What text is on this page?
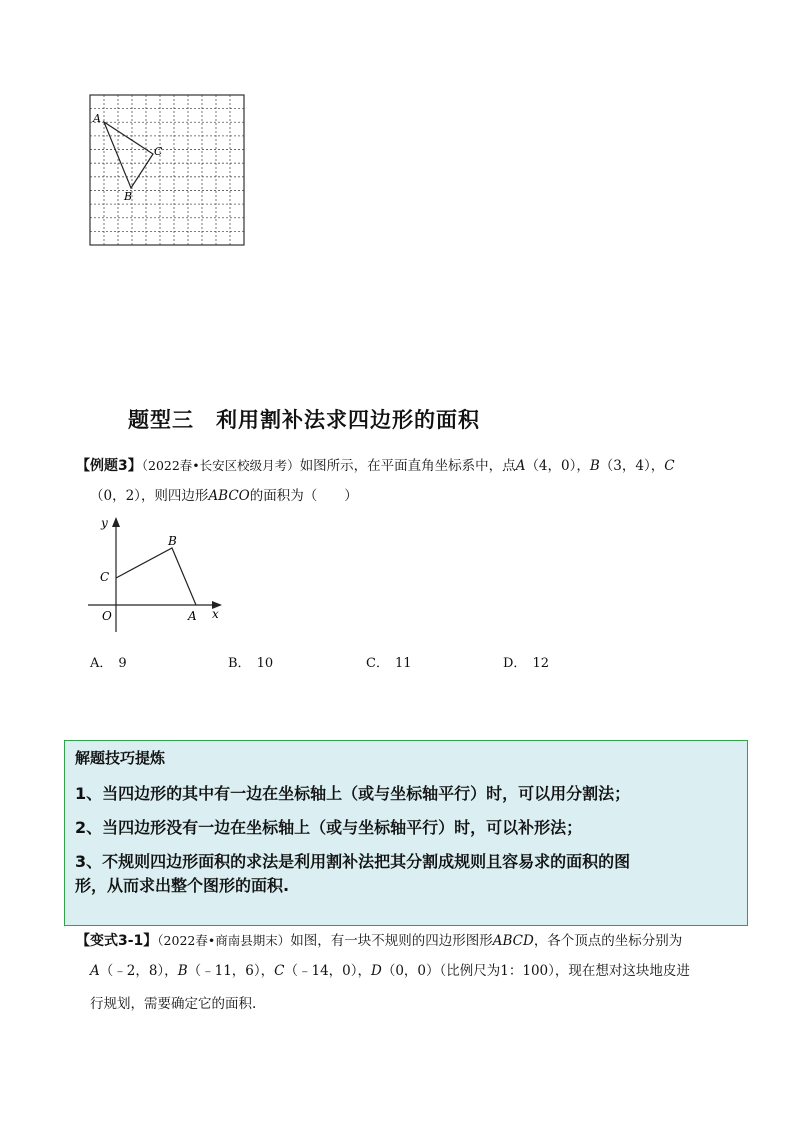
A
C
B
题型三 利用割补法求四边形的面积
【例题3】（2022春•长安区校级月考）如图所示，在平面直角坐标系中，点A（4，0），B（3，4），C
（0，2），则四边形ABCO的面积为（　　）
y
x
O	A
B
C
A． 9	B． 10	C． 11	D． 12
解题技巧提炼
1、当四边形的其中有一边在坐标轴上（或与坐标轴平行）时，可以用分割法；
2、当四边形没有一边在坐标轴上（或与坐标轴平行）时，可以补形法；
3、不规则四边形面积的求法是利用割补法把其分割成规则且容易求的面积的图
形，从而求出整个图形的面积.
【变式3-1】（2022春•商南县期末）如图，有一块不规则的四边形图形ABCD，各个顶点的坐标分别为
A（﹣2，8），B（﹣11，6），C（﹣14，0），D（0，0）（比例尺为1：100），现在想对这块地皮进
行规划，需要确定它的面积.
